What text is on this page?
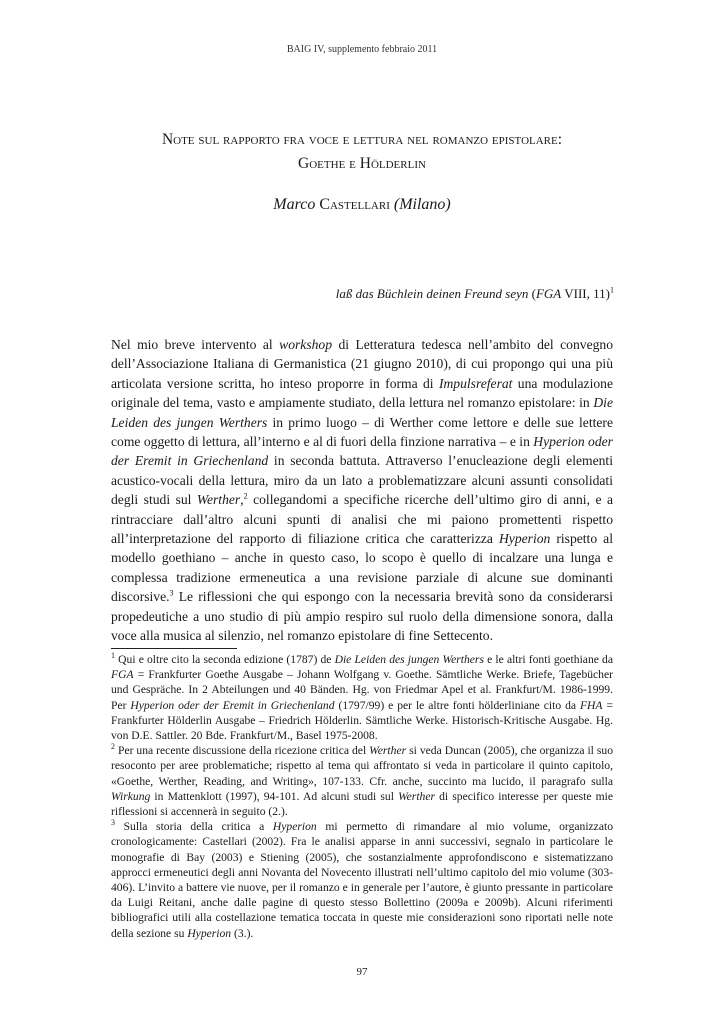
BAIG IV, supplemento febbraio 2011
Note sul rapporto fra voce e lettura nel romanzo epistolare:
Goethe e Hölderlin
Marco Castellari (Milano)
laß das Büchlein deinen Freund seyn (FGA VIII, 11)$^1$

Nel mio breve intervento al workshop di Letteratura tedesca nell’ambito del convegno dell’Associazione Italiana di Germanistica (21 giugno 2010), di cui propongo qui una più articolata versione scritta, ho inteso proporre in forma di Impulsreferat una modulazione originale del tema, vasto e ampiamente studiato, della lettura nel romanzo epistolare: in Die Leiden des jungen Werthers in primo luogo – di Werther come lettore e delle sue lettere come oggetto di lettura, all’interno e al di fuori della finzione narrativa – e in Hyperion oder der Eremit in Griechenland in seconda battuta. Attraverso l’enucleazione degli elementi acustico-vocali della lettura, miro da un lato a problematizzare alcuni assunti consolidati degli studi sul Werther,$^2$ collegandomi a specifiche ricerche dell’ultimo giro di anni, e a rintracciare dall’altro alcuni spunti di analisi che mi paiono promettenti rispetto all’interpretazione del rapporto di filiazione critica che caratterizza Hyperion rispetto al modello goethiano – anche in questo caso, lo scopo è quello di incalzare una lunga e complessa tradizione ermeneutica a una revisione parziale di alcune sue dominanti discorsive.$^3$ Le riflessioni che qui espongo con la necessaria brevità sono da considerarsi propedeutiche a uno studio di più ampio respiro sul ruolo della dimensione sonora, dalla voce alla musica al silenzio, nel romanzo epistolare di fine Settecento.

$^1$ Qui e oltre cito la seconda edizione (1787) de Die Leiden des jungen Werthers e le altri fonti goethiane da FGA = Frankfurter Goethe Ausgabe – Johann Wolfgang v. Goethe. Sämtliche Werke. Briefe, Tagebücher und Gespräche. In 2 Abteilungen und 40 Bänden. Hg. von Friedmar Apel et al. Frankfurt/M. 1986-1999. Per Hyperion oder der Eremit in Griechenland (1797/99) e per le altre fonti hölderliniane cito da FHA = Frankfurter Hölderlin Ausgabe – Friedrich Hölderlin. Sämtliche Werke. Historisch-Kritische Ausgabe. Hg. von D.E. Sattler. 20 Bde. Frankfurt/M., Basel 1975-2008.

$^2$ Per una recente discussione della ricezione critica del Werther si veda Duncan (2005), che organizza il suo resoconto per aree problematiche; rispetto al tema qui affrontato si veda in particolare il quinto capitolo, «Goethe, Werther, Reading, and Writing», 107-133. Cfr. anche, succinto ma lucido, il paragrafo sulla Wirkung in Mattenklott (1997), 94-101. Ad alcuni studi sul Werther di specifico interesse per queste mie riflessioni si accennerà in seguito (2.).

$^3$ Sulla storia della critica a Hyperion mi permetto di rimandare al mio volume, organizzato cronologicamente: Castellari (2002). Fra le analisi apparse in anni successivi, segnalo in particolare le monografie di Bay (2003) e Stiening (2005), che sostanzialmente approfondiscono e sistematizzano approcci ermeneutici degli anni Novanta del Novecento illustrati nell’ultimo capitolo del mio volume (303-406). L’invito a battere vie nuove, per il romanzo e in generale per l’autore, è giunto pressante in particolare da Luigi Reitani, anche dalle pagine di questo stesso Bollettino (2009a e 2009b). Alcuni riferimenti bibliografici utili alla costellazione tematica toccata in queste mie considerazioni sono riportati nelle note della sezione su Hyperion (3.).

97
